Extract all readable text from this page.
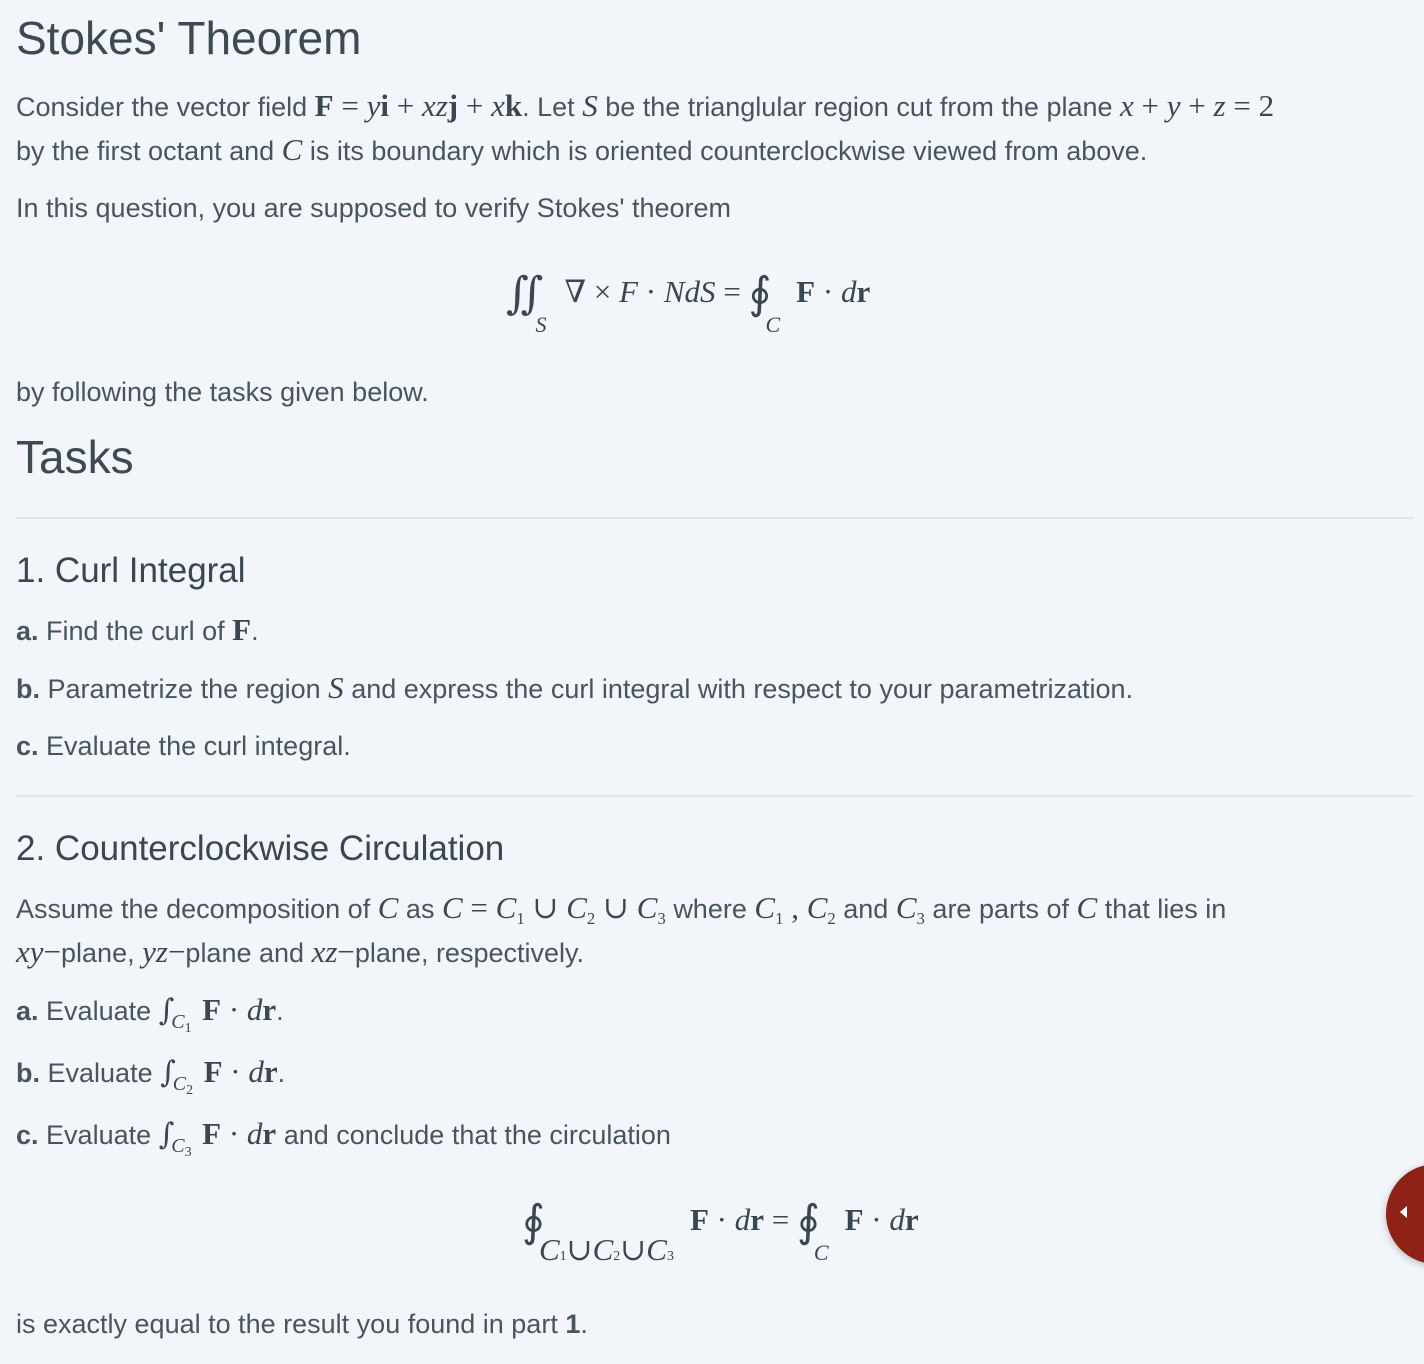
Stokes' Theorem
Consider the vector field F = yi + xzj + xk. Let S be the trianglular region cut from the plane x + y + z = 2
by the first octant and C is its boundary which is oriented counterclockwise viewed from above.
In this question, you are supposed to verify Stokes' theorem
$∬_S$ ∇ × F · NdS = $∮_C$ F · dr
by following the tasks given below.
Tasks
1. Curl Integral
a. Find the curl of F.
b. Parametrize the region S and express the curl integral with respect to your parametrization.
c. Evaluate the curl integral.
2. Counterclockwise Circulation
Assume the decomposition of C as $C = C_1$ ∪ $C_2$ ∪ $C_3$ where $C_1$ , $C_2$ and $C_3$ are parts of C that lies in
xy−plane, yz−plane and xz−plane, respectively.
a. Evaluate $\int_{C1}$ F · dr.
b. Evaluate $\int_{C2}$ F · dr.
c. Evaluate $\int_{C3}$ F · dr and conclude that the circulation
$∮_{C1\cup C2\cup C3}$ F · dr = $∮_C$ F · dr
is exactly equal to the result you found in part 1.
